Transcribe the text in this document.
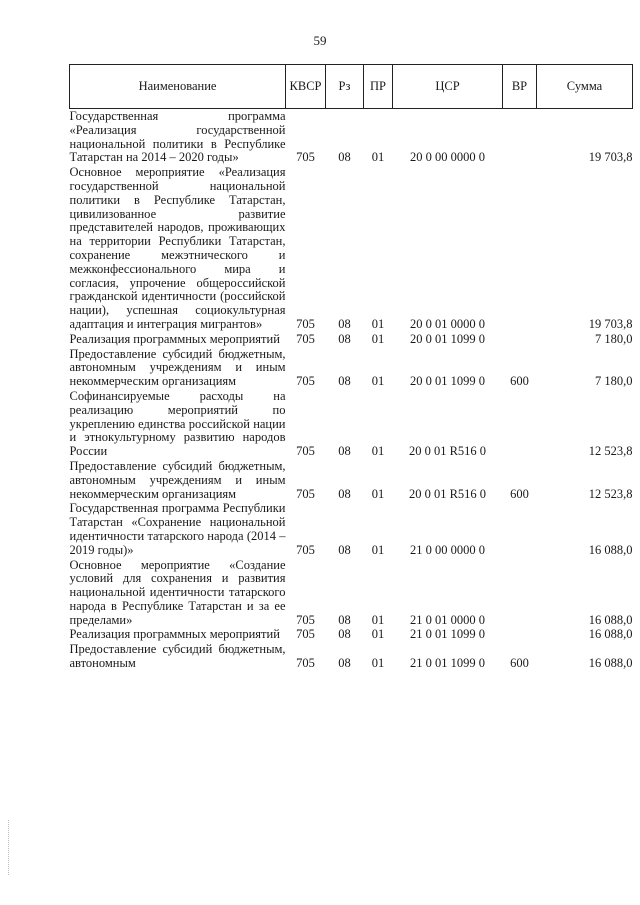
59
Наименование	КВСР	Рз	ПР	ЦСР	ВР	Сумма
Государственная программа «Реализация государственной национальной политики в Республике Татарстан на 2014 – 2020 годы»	705	08	01	20 0 00 0000 0		19 703,8
Основное мероприятие «Реализация государственной национальной политики в Республике Татарстан, цивилизованное развитие представителей народов, проживающих на территории Республики Татарстан, сохранение межэтнического и межконфессионального мира и согласия, упрочение общероссийской гражданской идентичности (российской нации), успешная социокультурная адаптация и интеграция мигрантов»	705	08	01	20 0 01 0000 0		19 703,8
Реализация программных мероприятий	705	08	01	20 0 01 1099 0		7 180,0
Предоставление субсидий бюджетным, автономным учреждениям и иным некоммерческим организациям	705	08	01	20 0 01 1099 0	600	7 180,0
Софинансируемые расходы на реализацию мероприятий по укреплению единства российской нации и этнокультурному развитию народов России	705	08	01	20 0 01 R516 0		12 523,8
Предоставление субсидий бюджетным, автономным учреждениям и иным некоммерческим организациям	705	08	01	20 0 01 R516 0	600	12 523,8
Государственная программа Республики Татарстан «Сохранение национальной идентичности татарского народа (2014 – 2019 годы)»	705	08	01	21 0 00 0000 0		16 088,0
Основное мероприятие «Создание условий для сохранения и развития национальной идентичности татарского народа в Республике Татарстан и за ее пределами»	705	08	01	21 0 01 0000 0		16 088,0
Реализация программных мероприятий	705	08	01	21 0 01 1099 0		16 088,0
Предоставление субсидий бюджетным, автономным	705	08	01	21 0 01 1099 0	600	16 088,0
